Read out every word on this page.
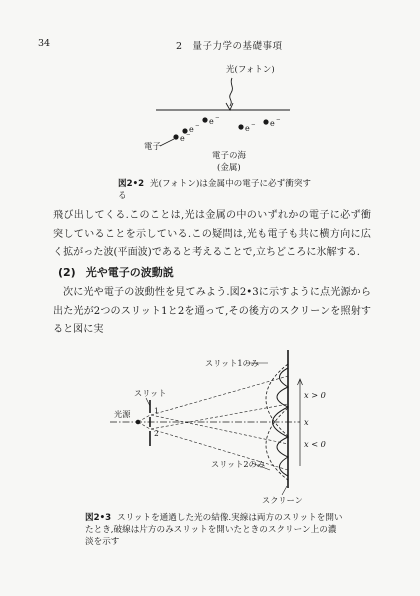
34	2　量子力学の基礎事項
光(フォトン)
e − e −
e − e −
e −
電子
電子の海
(金属)
スリット1のみ
スリット
光源	1
2
x > 0
x
x < 0
スリット2のみ
スクリーン
図2•2 光(フォトン)は金属中の電子に必ず衝突する
飛び出してくる.このことは,光は金属の中のいずれかの電子に必ず衝突していることを示している.この疑問は,光も電子も共に横方向に広く拡がった波(平面波)であると考えることで,立ちどころに氷解する.
(2) 光や電子の波動説
次に光や電子の波動性を見てみよう.図2•3に示すように点光源から出た光が2つのスリット1と2を通って,その後方のスクリーンを照射すると図に実
図2•3 スリットを通過した光の結像.実線は両方のスリットを開いたとき,破線は片方のみスリットを開いたときのスクリーン上の濃淡を示す
